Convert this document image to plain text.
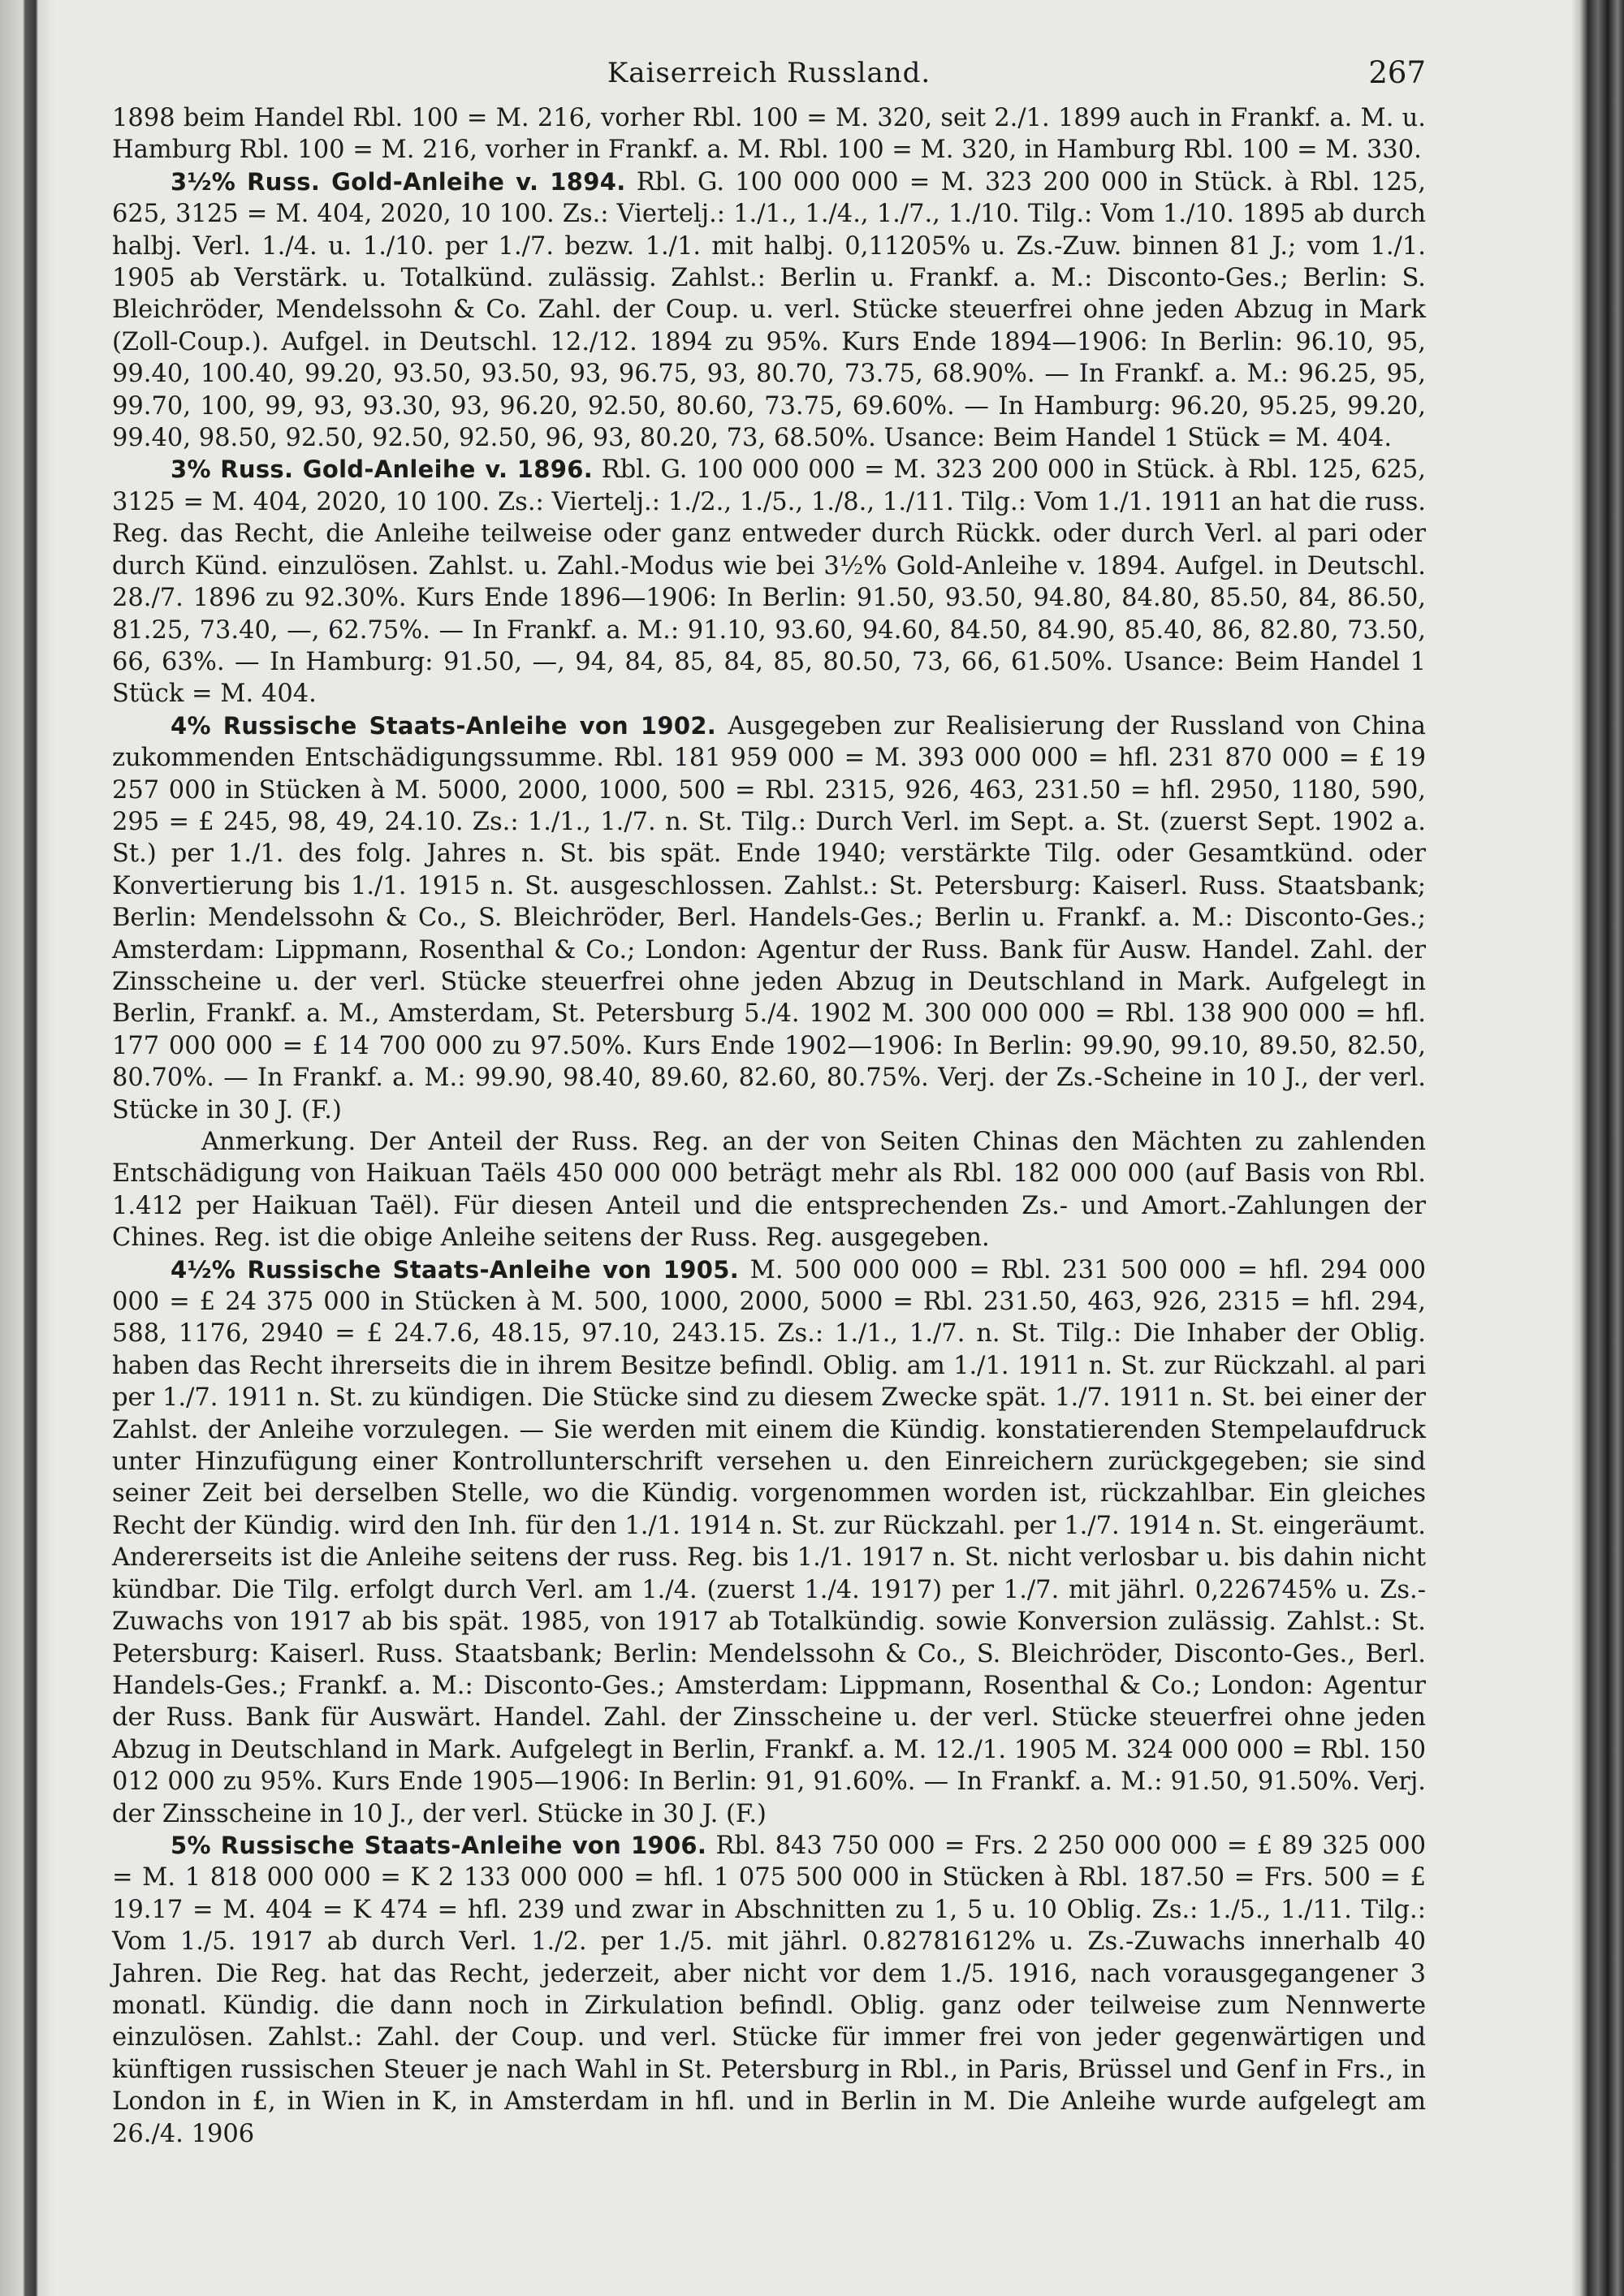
Kaiserreich Russland.	267

1898 beim Handel Rbl. 100 = M. 216, vorher Rbl. 100 = M. 320, seit 2./1. 1899 auch in Frankf. a. M. u. Hamburg Rbl. 100 = M. 216, vorher in Frankf. a. M. Rbl. 100 = M. 320, in Hamburg Rbl. 100 = M. 330.

3½% Russ. Gold-Anleihe v. 1894. Rbl. G. 100 000 000 = M. 323 200 000 in Stück. à Rbl. 125, 625, 3125 = M. 404, 2020, 10 100. Zs.: Viertelj.: 1./1., 1./4., 1./7., 1./10. Tilg.: Vom 1./10. 1895 ab durch halbj. Verl. 1./4. u. 1./10. per 1./7. bezw. 1./1. mit halbj. 0,11205% u. Zs.-Zuw. binnen 81 J.; vom 1./1. 1905 ab Verstärk. u. Totalkünd. zulässig. Zahlst.: Berlin u. Frankf. a. M.: Disconto-Ges.; Berlin: S. Bleichröder, Mendelssohn & Co. Zahl. der Coup. u. verl. Stücke steuerfrei ohne jeden Abzug in Mark (Zoll-Coup.). Aufgel. in Deutschl. 12./12. 1894 zu 95%. Kurs Ende 1894—1906: In Berlin: 96.10, 95, 99.40, 100.40, 99.20, 93.50, 93.50, 93, 96.75, 93, 80.70, 73.75, 68.90%. — In Frankf. a. M.: 96.25, 95, 99.70, 100, 99, 93, 93.30, 93, 96.20, 92.50, 80.60, 73.75, 69.60%. — In Hamburg: 96.20, 95.25, 99.20, 99.40, 98.50, 92.50, 92.50, 92.50, 96, 93, 80.20, 73, 68.50%. Usance: Beim Handel 1 Stück = M. 404.

3% Russ. Gold-Anleihe v. 1896. Rbl. G. 100 000 000 = M. 323 200 000 in Stück. à Rbl. 125, 625, 3125 = M. 404, 2020, 10 100. Zs.: Viertelj.: 1./2., 1./5., 1./8., 1./11. Tilg.: Vom 1./1. 1911 an hat die russ. Reg. das Recht, die Anleihe teilweise oder ganz entweder durch Rückk. oder durch Verl. al pari oder durch Künd. einzulösen. Zahlst. u. Zahl.-Modus wie bei 3½% Gold-Anleihe v. 1894. Aufgel. in Deutschl. 28./7. 1896 zu 92.30%. Kurs Ende 1896—1906: In Berlin: 91.50, 93.50, 94.80, 84.80, 85.50, 84, 86.50, 81.25, 73.40, —, 62.75%. — In Frankf. a. M.: 91.10, 93.60, 94.60, 84.50, 84.90, 85.40, 86, 82.80, 73.50, 66, 63%. — In Hamburg: 91.50, —, 94, 84, 85, 84, 85, 80.50, 73, 66, 61.50%. Usance: Beim Handel 1 Stück = M. 404.

4% Russische Staats-Anleihe von 1902. Ausgegeben zur Realisierung der Russland von China zukommenden Entschädigungssumme. Rbl. 181 959 000 = M. 393 000 000 = hfl. 231 870 000 = £ 19 257 000 in Stücken à M. 5000, 2000, 1000, 500 = Rbl. 2315, 926, 463, 231.50 = hfl. 2950, 1180, 590, 295 = £ 245, 98, 49, 24.10. Zs.: 1./1., 1./7. n. St. Tilg.: Durch Verl. im Sept. a. St. (zuerst Sept. 1902 a. St.) per 1./1. des folg. Jahres n. St. bis spät. Ende 1940; verstärkte Tilg. oder Gesamtkünd. oder Konvertierung bis 1./1. 1915 n. St. ausgeschlossen. Zahlst.: St. Petersburg: Kaiserl. Russ. Staatsbank; Berlin: Mendelssohn & Co., S. Bleichröder, Berl. Handels-Ges.; Berlin u. Frankf. a. M.: Disconto-Ges.; Amsterdam: Lippmann, Rosenthal & Co.; London: Agentur der Russ. Bank für Ausw. Handel. Zahl. der Zinsscheine u. der verl. Stücke steuerfrei ohne jeden Abzug in Deutschland in Mark. Aufgelegt in Berlin, Frankf. a. M., Amsterdam, St. Petersburg 5./4. 1902 M. 300 000 000 = Rbl. 138 900 000 = hfl. 177 000 000 = £ 14 700 000 zu 97.50%. Kurs Ende 1902—1906: In Berlin: 99.90, 99.10, 89.50, 82.50, 80.70%. — In Frankf. a. M.: 99.90, 98.40, 89.60, 82.60, 80.75%. Verj. der Zs.-Scheine in 10 J., der verl. Stücke in 30 J. (F.)

Anmerkung. Der Anteil der Russ. Reg. an der von Seiten Chinas den Mächten zu zahlenden Entschädigung von Haikuan Taëls 450 000 000 beträgt mehr als Rbl. 182 000 000 (auf Basis von Rbl. 1.412 per Haikuan Taël). Für diesen Anteil und die entsprechenden Zs.- und Amort.-Zahlungen der Chines. Reg. ist die obige Anleihe seitens der Russ. Reg. ausgegeben.

4½% Russische Staats-Anleihe von 1905. M. 500 000 000 = Rbl. 231 500 000 = hfl. 294 000 000 = £ 24 375 000 in Stücken à M. 500, 1000, 2000, 5000 = Rbl. 231.50, 463, 926, 2315 = hfl. 294, 588, 1176, 2940 = £ 24.7.6, 48.15, 97.10, 243.15. Zs.: 1./1., 1./7. n. St. Tilg.: Die Inhaber der Oblig. haben das Recht ihrerseits die in ihrem Besitze befindl. Oblig. am 1./1. 1911 n. St. zur Rückzahl. al pari per 1./7. 1911 n. St. zu kündigen. Die Stücke sind zu diesem Zwecke spät. 1./7. 1911 n. St. bei einer der Zahlst. der Anleihe vorzulegen. — Sie werden mit einem die Kündig. konstatierenden Stempelaufdruck unter Hinzufügung einer Kontrollunterschrift versehen u. den Einreichern zurückgegeben; sie sind seiner Zeit bei derselben Stelle, wo die Kündig. vorgenommen worden ist, rückzahlbar. Ein gleiches Recht der Kündig. wird den Inh. für den 1./1. 1914 n. St. zur Rückzahl. per 1./7. 1914 n. St. eingeräumt. Andererseits ist die Anleihe seitens der russ. Reg. bis 1./1. 1917 n. St. nicht verlosbar u. bis dahin nicht kündbar. Die Tilg. erfolgt durch Verl. am 1./4. (zuerst 1./4. 1917) per 1./7. mit jährl. 0,226745% u. Zs.-Zuwachs von 1917 ab bis spät. 1985, von 1917 ab Totalkündig. sowie Konversion zulässig. Zahlst.: St. Petersburg: Kaiserl. Russ. Staatsbank; Berlin: Mendelssohn & Co., S. Bleichröder, Disconto-Ges., Berl. Handels-Ges.; Frankf. a. M.: Disconto-Ges.; Amsterdam: Lippmann, Rosenthal & Co.; London: Agentur der Russ. Bank für Auswärt. Handel. Zahl. der Zinsscheine u. der verl. Stücke steuerfrei ohne jeden Abzug in Deutschland in Mark. Aufgelegt in Berlin, Frankf. a. M. 12./1. 1905 M. 324 000 000 = Rbl. 150 012 000 zu 95%. Kurs Ende 1905—1906: In Berlin: 91, 91.60%. — In Frankf. a. M.: 91.50, 91.50%. Verj. der Zinsscheine in 10 J., der verl. Stücke in 30 J. (F.)

5% Russische Staats-Anleihe von 1906. Rbl. 843 750 000 = Frs. 2 250 000 000 = £ 89 325 000 = M. 1 818 000 000 = K 2 133 000 000 = hfl. 1 075 500 000 in Stücken à Rbl. 187.50 = Frs. 500 = £ 19.17 = M. 404 = K 474 = hfl. 239 und zwar in Abschnitten zu 1, 5 u. 10 Oblig. Zs.: 1./5., 1./11. Tilg.: Vom 1./5. 1917 ab durch Verl. 1./2. per 1./5. mit jährl. 0.82781612% u. Zs.-Zuwachs innerhalb 40 Jahren. Die Reg. hat das Recht, jederzeit, aber nicht vor dem 1./5. 1916, nach vorausgegangener 3 monatl. Kündig. die dann noch in Zirkulation befindl. Oblig. ganz oder teilweise zum Nennwerte einzulösen. Zahlst.: Zahl. der Coup. und verl. Stücke für immer frei von jeder gegenwärtigen und künftigen russischen Steuer je nach Wahl in St. Petersburg in Rbl., in Paris, Brüssel und Genf in Frs., in London in £, in Wien in K, in Amsterdam in hfl. und in Berlin in M. Die Anleihe wurde aufgelegt am 26./4. 1906
